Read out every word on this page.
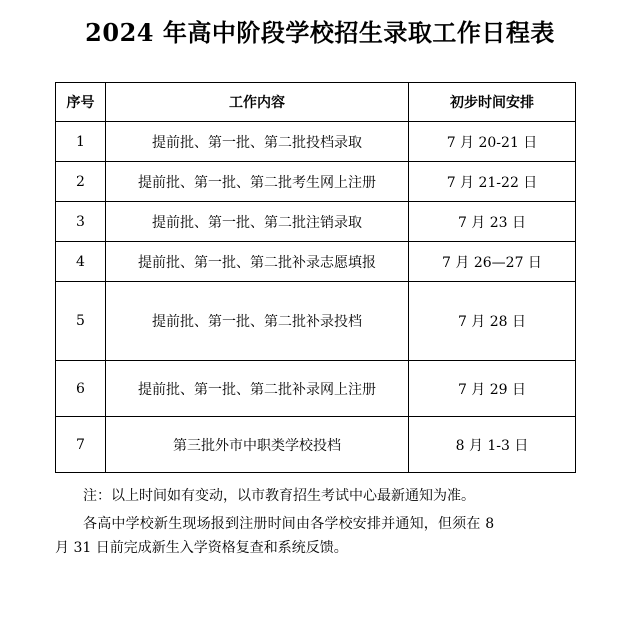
2024 年高中阶段学校招生录取工作日程表
序号	工作内容	初步时间安排
1	提前批、第一批、第二批投档录取	7 月 20-21 日
2	提前批、第一批、第二批考生网上注册	7 月 21-22 日
3	提前批、第一批、第二批注销录取	7 月 23 日
4	提前批、第一批、第二批补录志愿填报	7 月 26—27 日
5	提前批、第一批、第二批补录投档	7 月 28 日
6	提前批、第一批、第二批补录网上注册	7 月 29 日
7	第三批外市中职类学校投档	8 月 1-3 日
注：以上时间如有变动，以市教育招生考试中心最新通知为准。
各高中学校新生现场报到注册时间由各学校安排并通知，但须在 8
月 31 日前完成新生入学资格复查和系统反馈。
